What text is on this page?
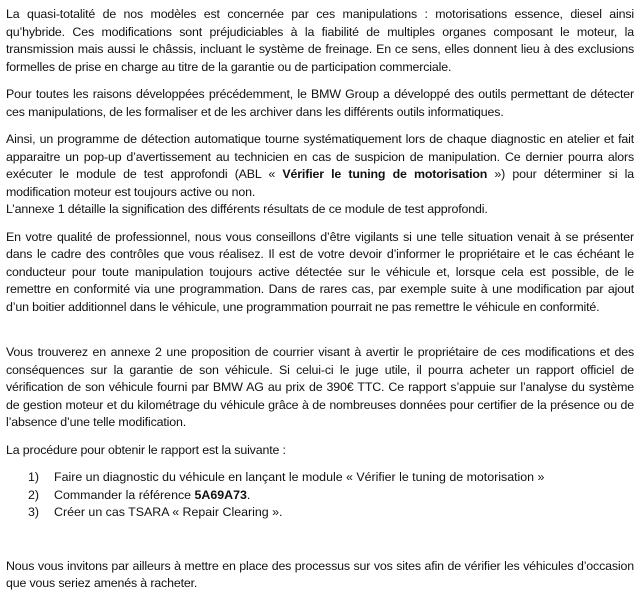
La quasi-totalité de nos modèles est concernée par ces manipulations : motorisations essence, diesel ainsi qu’hybride. Ces modifications sont préjudiciables à la fiabilité de multiples organes composant le moteur, la transmission mais aussi le châssis, incluant le système de freinage. En ce sens, elles donnent lieu à des exclusions formelles de prise en charge au titre de la garantie ou de participation commerciale.

Pour toutes les raisons développées précédemment, le BMW Group a développé des outils permettant de détecter ces manipulations, de les formaliser et de les archiver dans les différents outils informatiques.

Ainsi, un programme de détection automatique tourne systématiquement lors de chaque diagnostic en atelier et fait apparaitre un pop-up d’avertissement au technicien en cas de suspicion de manipulation. Ce dernier pourra alors exécuter le module de test approfondi (ABL « Vérifier le tuning de motorisation ») pour déterminer si la modification moteur est toujours active ou non.

L’annexe 1 détaille la signification des différents résultats de ce module de test approfondi.

En votre qualité de professionnel, nous vous conseillons d’être vigilants si une telle situation venait à se présenter dans le cadre des contrôles que vous réalisez. Il est de votre devoir d’informer le propriétaire et le cas échéant le conducteur pour toute manipulation toujours active détectée sur le véhicule et, lorsque cela est possible, de le remettre en conformité via une programmation. Dans de rares cas, par exemple suite à une modification par ajout d’un boitier additionnel dans le véhicule, une programmation pourrait ne pas remettre le véhicule en conformité.

Vous trouverez en annexe 2 une proposition de courrier visant à avertir le propriétaire de ces modifications et des conséquences sur la garantie de son véhicule. Si celui-ci le juge utile, il pourra acheter un rapport officiel de vérification de son véhicule fourni par BMW AG au prix de 390€ TTC. Ce rapport s’appuie sur l’analyse du système de gestion moteur et du kilométrage du véhicule grâce à de nombreuses données pour certifier de la présence ou de l’absence d’une telle modification.

La procédure pour obtenir le rapport est la suivante :

1)	Faire un diagnostic du véhicule en lançant le module « Vérifier le tuning de motorisation »
2)	Commander la référence 5A69A73.
3)	Créer un cas TSARA « Repair Clearing ».

Nous vous invitons par ailleurs à mettre en place des processus sur vos sites afin de vérifier les véhicules d’occasion que vous seriez amenés à racheter.
